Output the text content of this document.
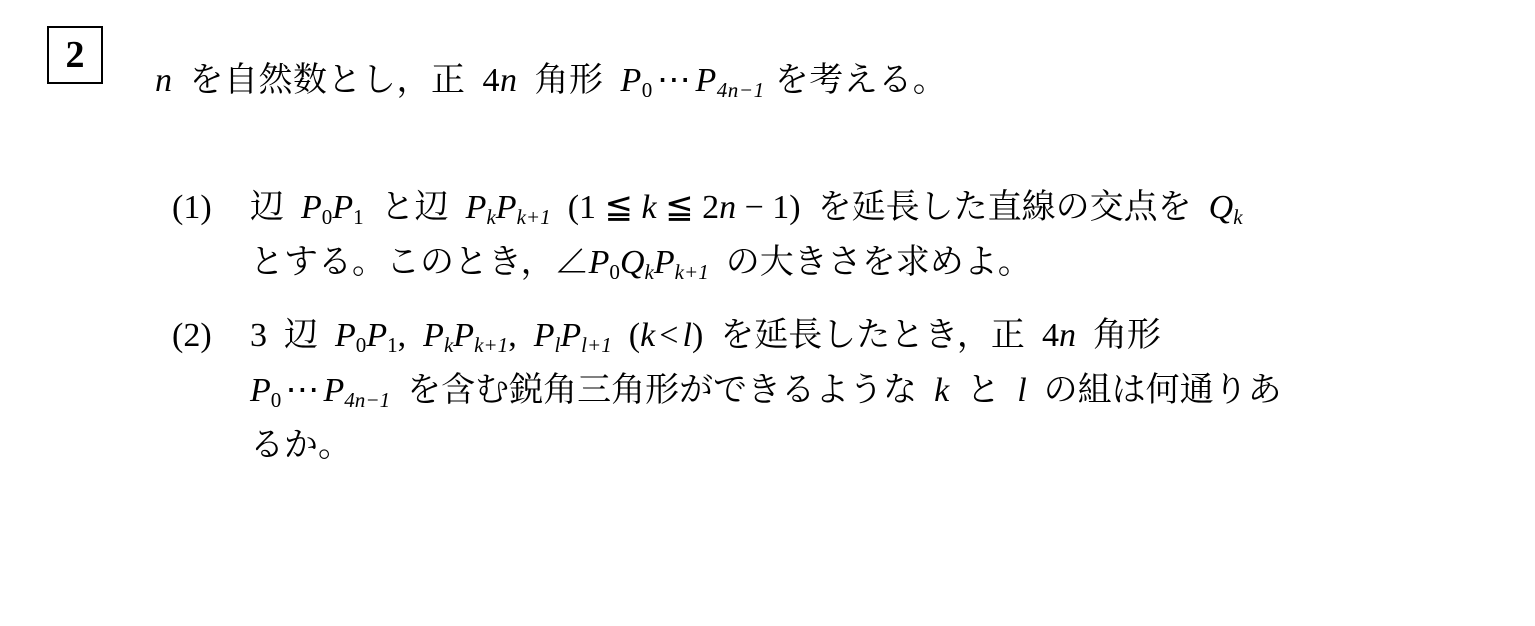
2
n を自然数とし，正 4n 角形 $P_0$ ⋯ $P_{4n-1}$ を考える。
(1)	辺 $P_0P_1$ と辺 $P_kP_{k+1}$ (1 ≦ k ≦ 2n − 1) を延長した直線の交点を $Q_k$
とする。このとき，$\angle P_0Q_kP_{k+1}$ の大きさを求めよ。
(2)	3 辺 $P_0P_1$, $P_kP_{k+1}$, $P_lP_{l+1}$ (k < l) を延長したとき，正 4n 角形
$P_0$ ⋯ $P_{4n-1}$ を含む鋭角三角形ができるような k と l の組は何通りあ
るか。
